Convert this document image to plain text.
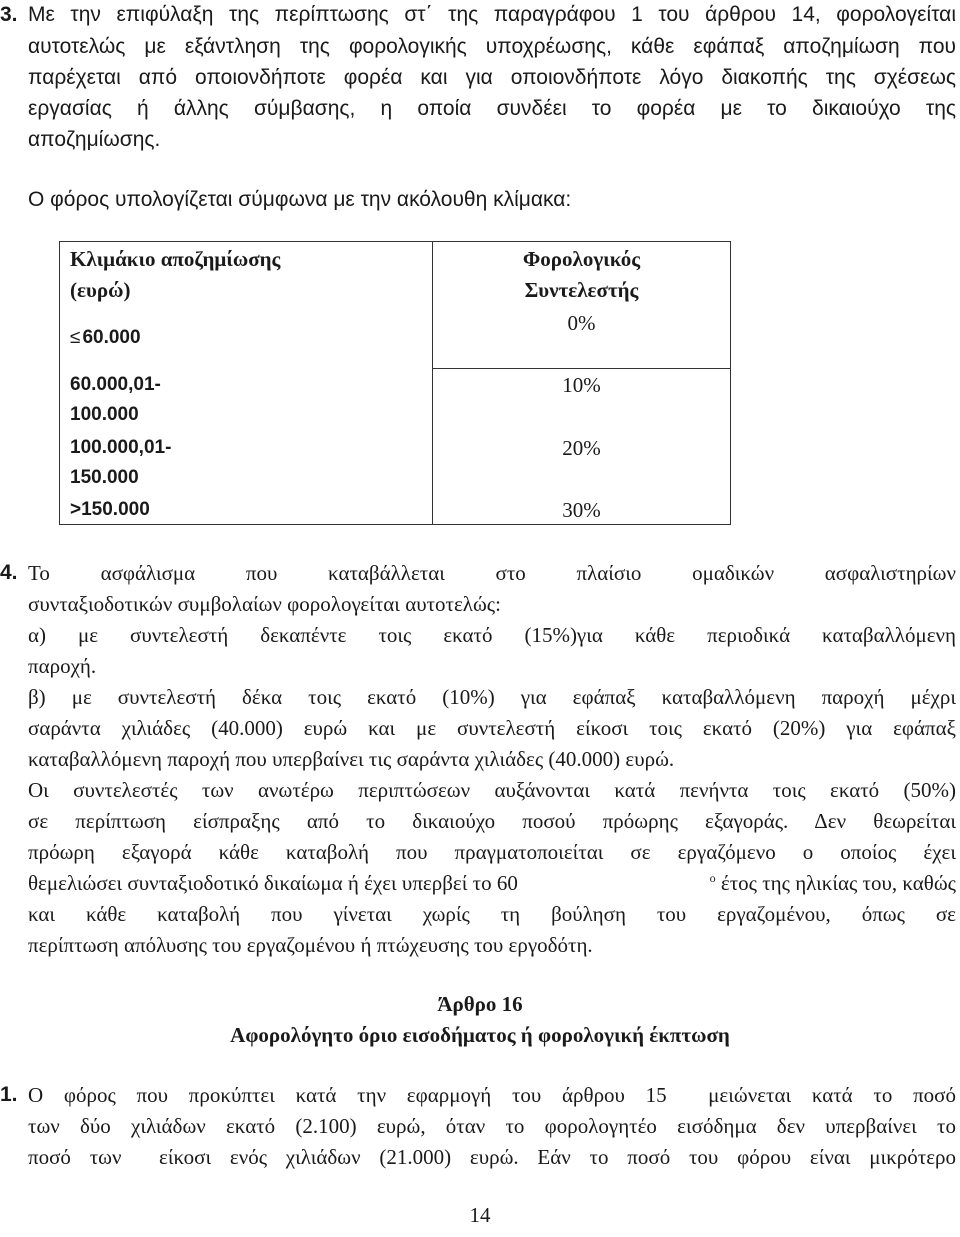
3. Με την επιφύλαξη της περίπτωσης στ΄ της παραγράφου 1 του άρθρου 14, φορολογείται
αυτοτελώς με εξάντληση της φορολογικής υποχρέωσης, κάθε εφάπαξ αποζημίωση που
παρέχεται από οποιονδήποτε φορέα και για οποιονδήποτε λόγο διακοπής της σχέσεως
εργασίας ή άλλης σύμβασης, η οποία συνδέει το φορέα με το δικαιούχο της
αποζημίωσης.
Ο φόρος υπολογίζεται σύμφωνα με την ακόλουθη κλίμακα:
Κλιμάκιο αποζημίωσης
(ευρώ)
Φορολογικός
Συντελεστής
≤ 60.000
0%
60.000,01-
100.000
10%
100.000,01-
150.000
20%
>150.000	30%
4. Το ασφάλισμα που καταβάλλεται στο πλαίσιο ομαδικών ασφαλιστηρίων
συνταξιοδοτικών συμβολαίων φορολογείται αυτοτελώς:
α) με συντελεστή δεκαπέντε τοις εκατό (15%)για κάθε περιοδικά καταβαλλόμενη
παροχή.
β) με συντελεστή δέκα τοις εκατό (10%) για εφάπαξ καταβαλλόμενη παροχή μέχρι
σαράντα χιλιάδες (40.000) ευρώ και με συντελεστή είκοσι τοις εκατό (20%) για εφάπαξ
καταβαλλόμενη παροχή που υπερβαίνει τις σαράντα χιλιάδες (40.000) ευρώ.
Οι συντελεστές των ανωτέρω περιπτώσεων αυξάνονται κατά πενήντα τοις εκατό (50%)
σε περίπτωση είσπραξης από το δικαιούχο ποσού πρόωρης εξαγοράς. Δεν θεωρείται
πρόωρη εξαγορά κάθε καταβολή που πραγματοποιείται σε εργαζόμενο ο οποίος έχει
θεμελιώσει συνταξιοδοτικό δικαίωμα ή έχει υπερβεί το 60	$^o$ έτος της ηλικίας του, καθώς
και κάθε καταβολή που γίνεται χωρίς τη βούληση του εργαζομένου, όπως σε
περίπτωση απόλυσης του εργαζομένου ή πτώχευσης του εργοδότη.
Άρθρο 16
Αφορολόγητο όριο εισοδήματος ή φορολογική έκπτωση
1. Ο φόρος που προκύπτει κατά την εφαρμογή του άρθρου 15  μειώνεται κατά το ποσό
των δύο χιλιάδων εκατό (2.100) ευρώ, όταν το φορολογητέο εισόδημα δεν υπερβαίνει το
ποσό των  είκοσι ενός χιλιάδων (21.000) ευρώ. Εάν το ποσό του φόρου είναι μικρότερο
14
